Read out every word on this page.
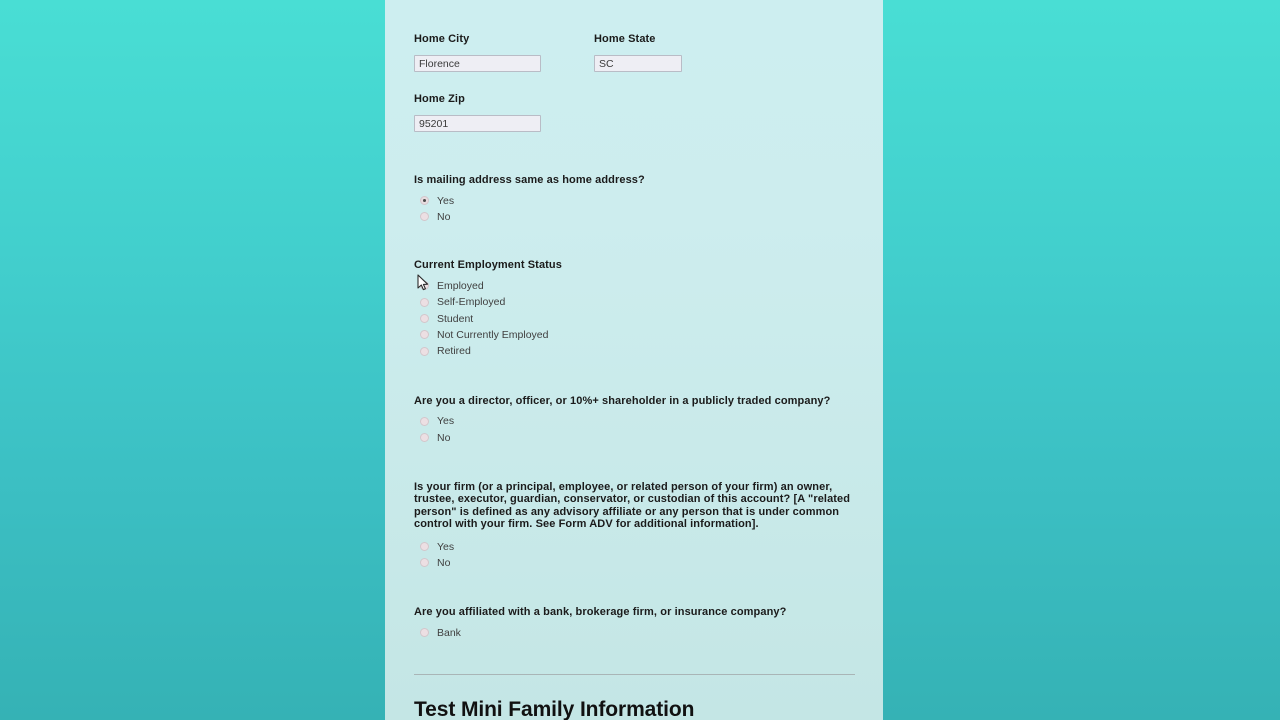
Home City
Florence	Home State
SC
Home Zip
95201
Is mailing address same as home address?
Yes
No
Current Employment Status
Employed
Self-Employed
Student
Not Currently Employed
Retired
Are you a director, officer, or 10%+ shareholder in a publicly traded company?
Yes
No
Is your firm (or a principal, employee, or related person of your firm) an owner, trustee, executor, guardian, conservator, or custodian of this account? [A "related person" is defined as any advisory affiliate or any person that is under common control with your firm. See Form ADV for additional information].
Yes
No
Are you affiliated with a bank, brokerage firm, or insurance company?
Bank
Test Mini Family Information
